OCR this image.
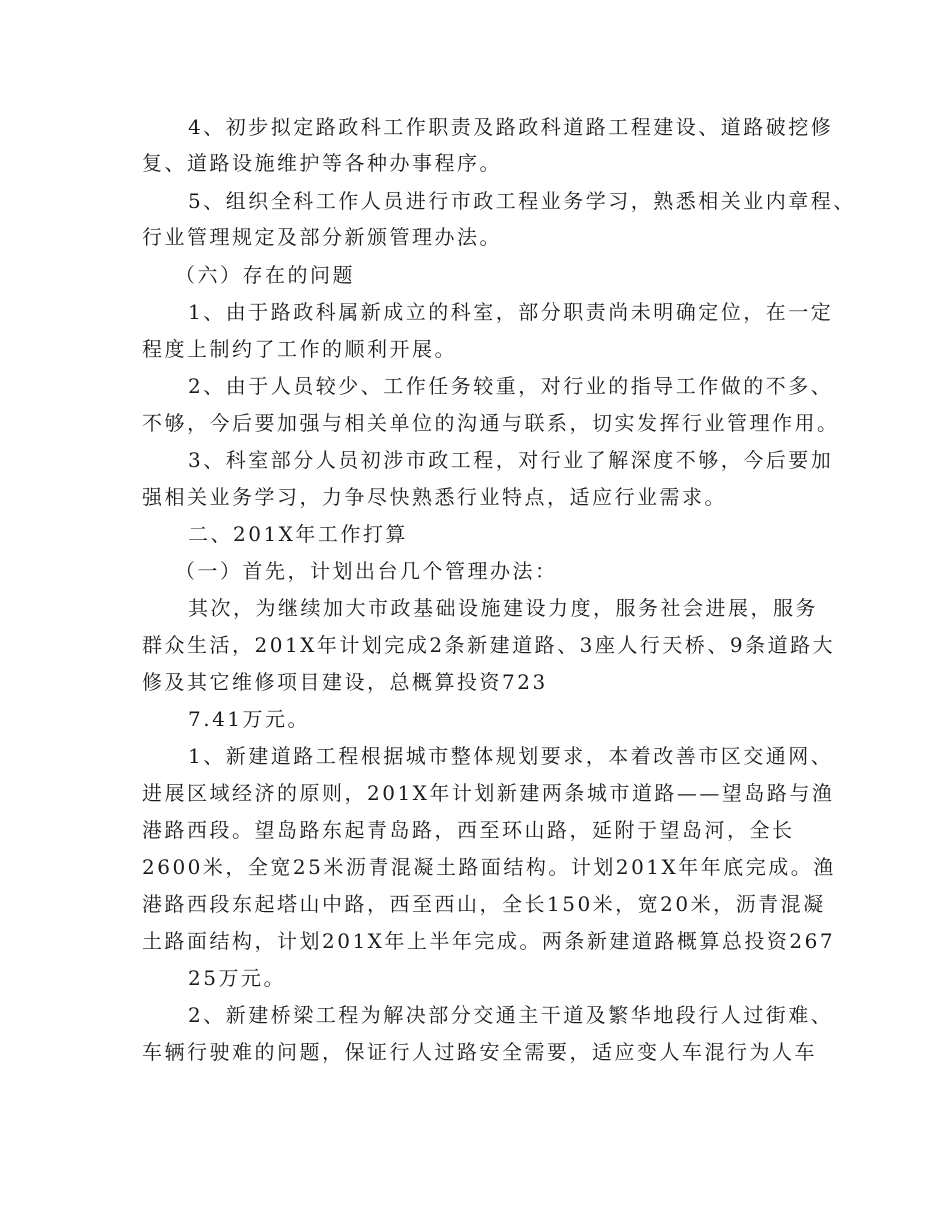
4、初步拟定路政科工作职责及路政科道路工程建设、道路破挖修
复、道路设施维护等各种办事程序。
5、组织全科工作人员进行市政工程业务学习，熟悉相关业内章程、
行业管理规定及部分新颁管理办法。
（六）存在的问题
1、由于路政科属新成立的科室，部分职责尚未明确定位，在一定
程度上制约了工作的顺利开展。
2、由于人员较少、工作任务较重，对行业的指导工作做的不多、
不够，今后要加强与相关单位的沟通与联系，切实发挥行业管理作用。
3、科室部分人员初涉市政工程，对行业了解深度不够，今后要加
强相关业务学习，力争尽快熟悉行业特点，适应行业需求。
二、201X年工作打算
（一）首先，计划出台几个管理办法：
其次，为继续加大市政基础设施建设力度，服务社会进展，服务
群众生活，201X年计划完成2条新建道路、3座人行天桥、9条道路大
修及其它维修项目建设，总概算投资723
7.41万元。
1、新建道路工程根据城市整体规划要求，本着改善市区交通网、
进展区域经济的原则，201X年计划新建两条城市道路——望岛路与渔
港路西段。望岛路东起青岛路，西至环山路，延附于望岛河，全长
2600米，全宽25米沥青混凝土路面结构。计划201X年年底完成。渔
港路西段东起塔山中路，西至西山，全长150米，宽20米，沥青混凝
土路面结构，计划201X年上半年完成。两条新建道路概算总投资267
25万元。
2、新建桥梁工程为解决部分交通主干道及繁华地段行人过街难、
车辆行驶难的问题，保证行人过路安全需要，适应变人车混行为人车
